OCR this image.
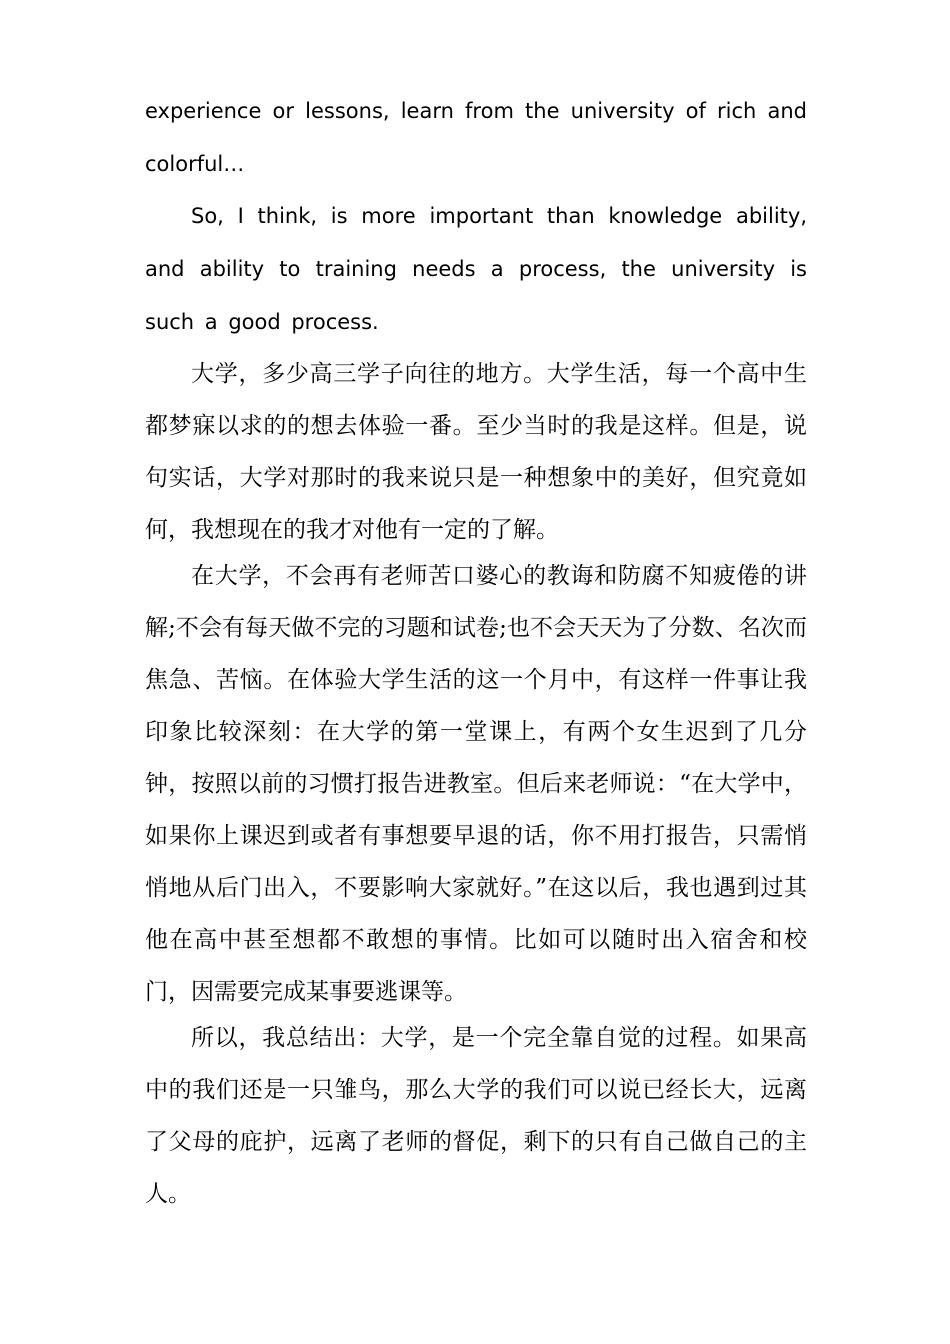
experience or lessons, learn from the university of rich and colorful…

So, I think, is more important than knowledge ability, and ability to training needs a process, the university is such a good process.

大学，多少高三学子向往的地方。大学生活，每一个高中生都梦寐以求的的想去体验一番。至少当时的我是这样。但是，说句实话，大学对那时的我来说只是一种想象中的美好，但究竟如何，我想现在的我才对他有一定的了解。

在大学，不会再有老师苦口婆心的教诲和防腐不知疲倦的讲解;不会有每天做不完的习题和试卷;也不会天天为了分数、名次而焦急、苦恼。在体验大学生活的这一个月中，有这样一件事让我印象比较深刻：在大学的第一堂课上，有两个女生迟到了几分钟，按照以前的习惯打报告进教室。但后来老师说：“在大学中，如果你上课迟到或者有事想要早退的话，你不用打报告，只需悄悄地从后门出入，不要影响大家就好。”在这以后，我也遇到过其他在高中甚至想都不敢想的事情。比如可以随时出入宿舍和校门，因需要完成某事要逃课等。

所以，我总结出：大学，是一个完全靠自觉的过程。如果高中的我们还是一只雏鸟，那么大学的我们可以说已经长大，远离了父母的庇护，远离了老师的督促，剩下的只有自己做自己的主人。
